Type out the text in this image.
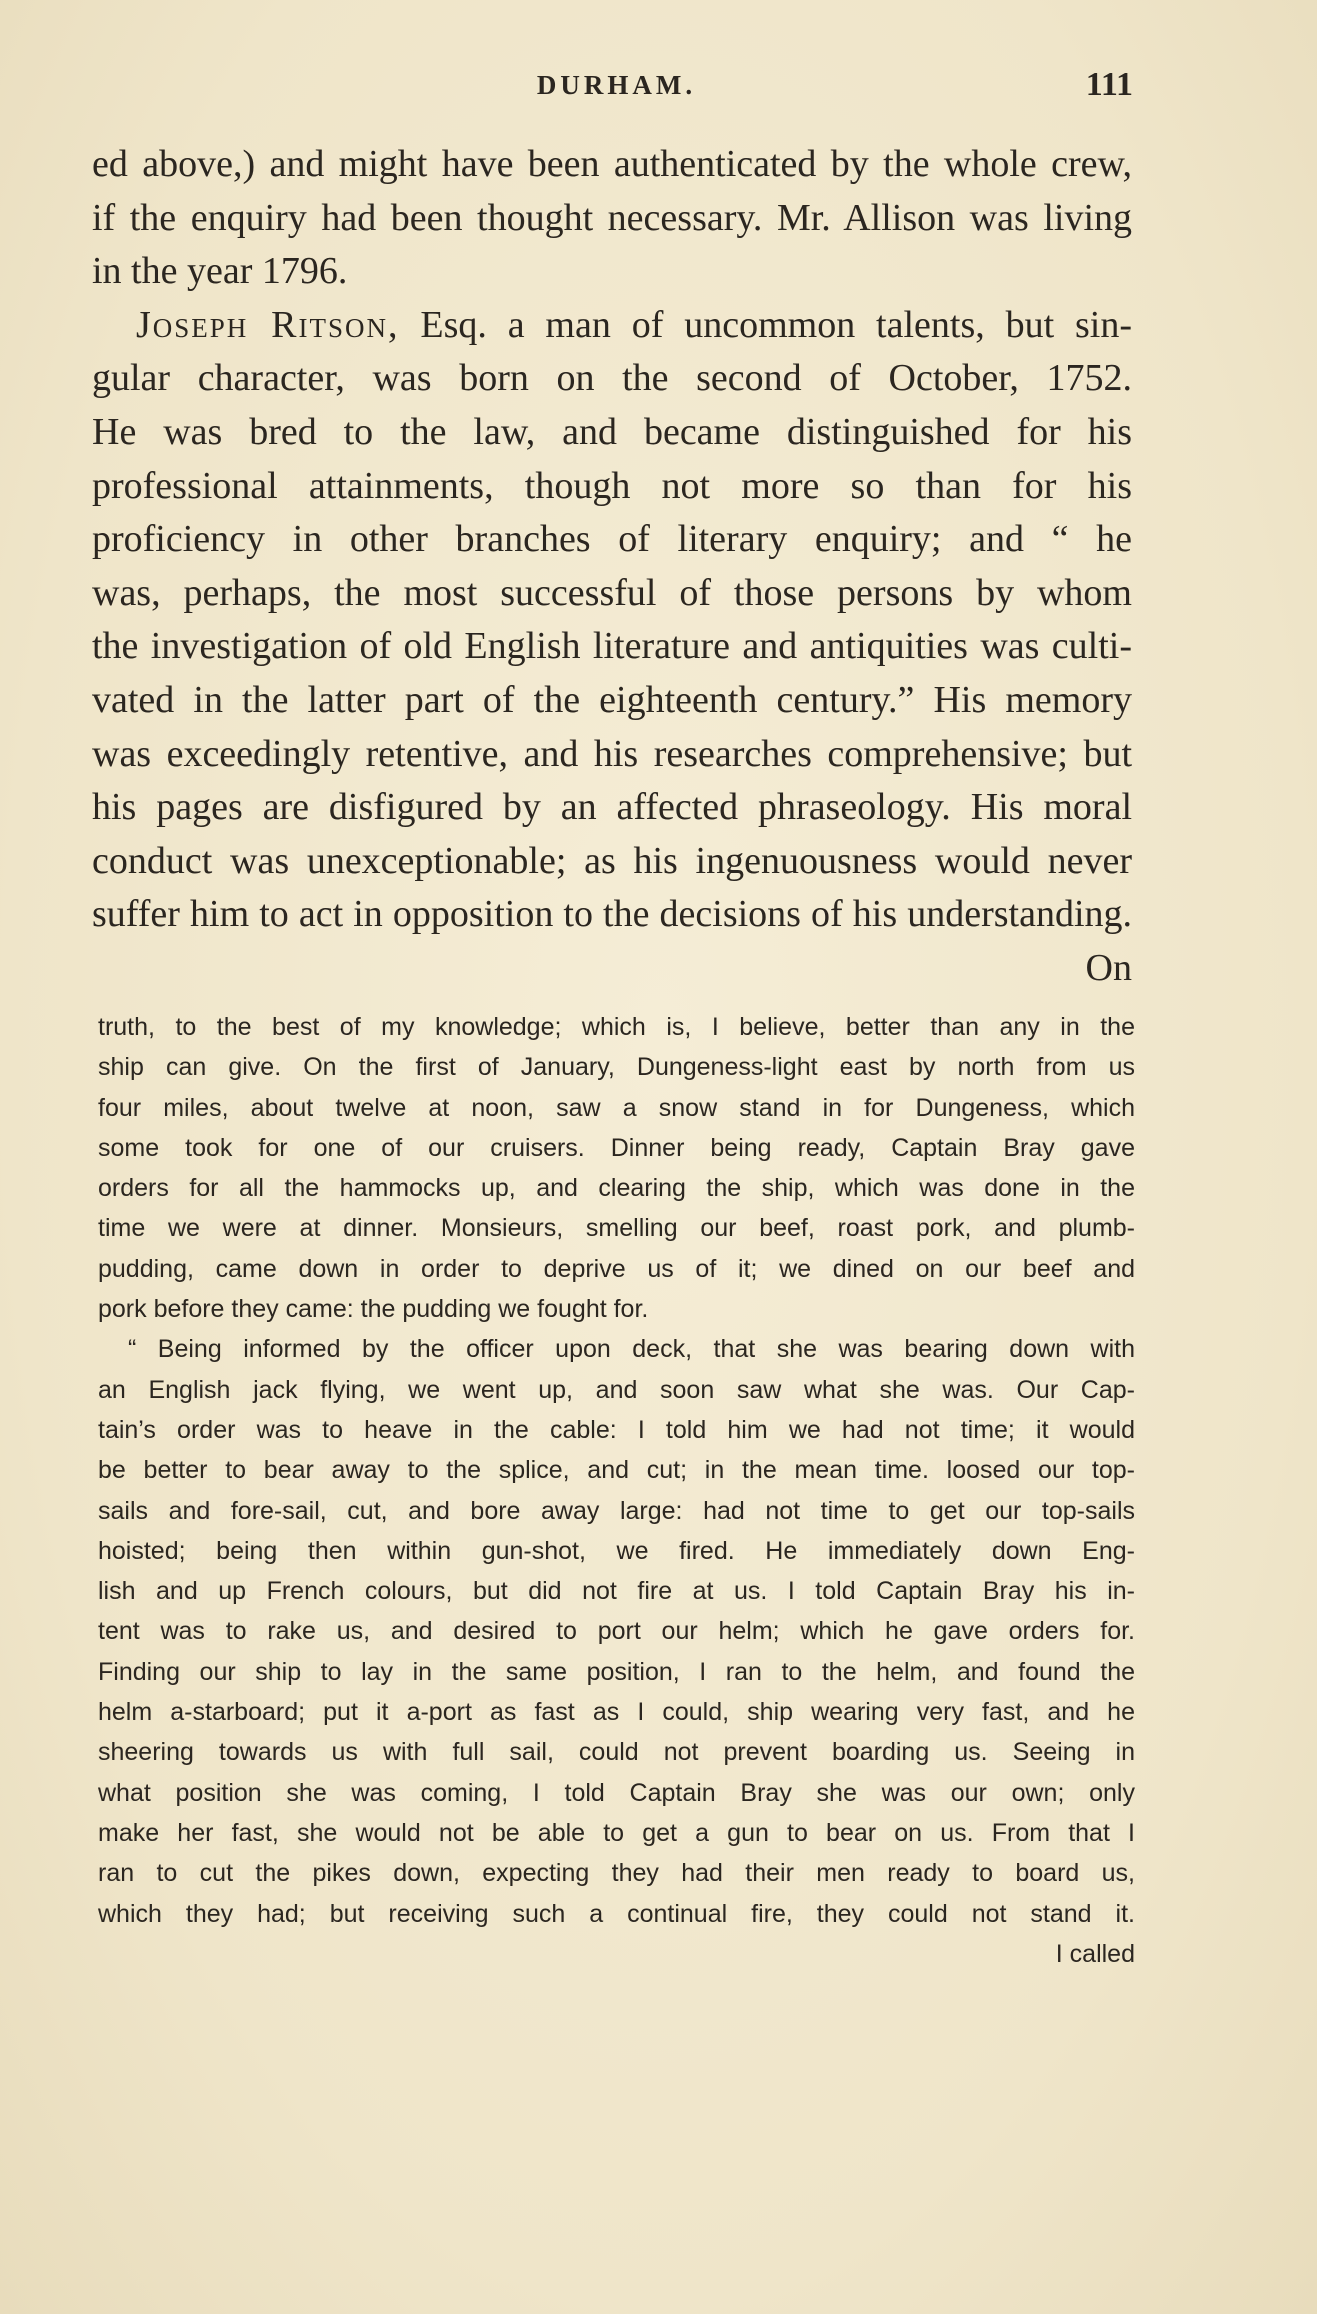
DURHAM.	111

ed above,) and might have been authenticated by the whole crew,

if the enquiry had been thought necessary. Mr. Allison was living

in the year 1796.

Joseph Ritson, Esq. a man of uncommon talents, but sin-

gular character, was born on the second of October, 1752.

He was bred to the law, and became distinguished for his

professional attainments, though not more so than for his

proficiency in other branches of literary enquiry; and “ he

was, perhaps, the most successful of those persons by whom

the investigation of old English literature and antiquities was culti-

vated in the latter part of the eighteenth century.” His memory

was exceedingly retentive, and his researches comprehensive; but

his pages are disfigured by an affected phraseology. His moral

conduct was unexceptionable; as his ingenuousness would never

suffer him to act in opposition to the decisions of his understanding.

On

truth, to the best of my knowledge; which is, I believe, better than any in the

ship can give. On the first of January, Dungeness-light east by north from us

four miles, about twelve at noon, saw a snow stand in for Dungeness, which

some took for one of our cruisers. Dinner being ready, Captain Bray gave

orders for all the hammocks up, and clearing the ship, which was done in the

time we were at dinner. Monsieurs, smelling our beef, roast pork, and plumb-

pudding, came down in order to deprive us of it; we dined on our beef and

pork before they came: the pudding we fought for.

“ Being informed by the officer upon deck, that she was bearing down with

an English jack flying, we went up, and soon saw what she was. Our Cap-

tain’s order was to heave in the cable: I told him we had not time; it would

be better to bear away to the splice, and cut; in the mean time. loosed our top-

sails and fore-sail, cut, and bore away large: had not time to get our top-sails

hoisted; being then within gun-shot, we fired. He immediately down Eng-

lish and up French colours, but did not fire at us. I told Captain Bray his in-

tent was to rake us, and desired to port our helm; which he gave orders for.

Finding our ship to lay in the same position, I ran to the helm, and found the

helm a-starboard; put it a-port as fast as I could, ship wearing very fast, and he

sheering towards us with full sail, could not prevent boarding us. Seeing in

what position she was coming, I told Captain Bray she was our own; only

make her fast, she would not be able to get a gun to bear on us. From that I

ran to cut the pikes down, expecting they had their men ready to board us,

which they had; but receiving such a continual fire, they could not stand it.

I called
